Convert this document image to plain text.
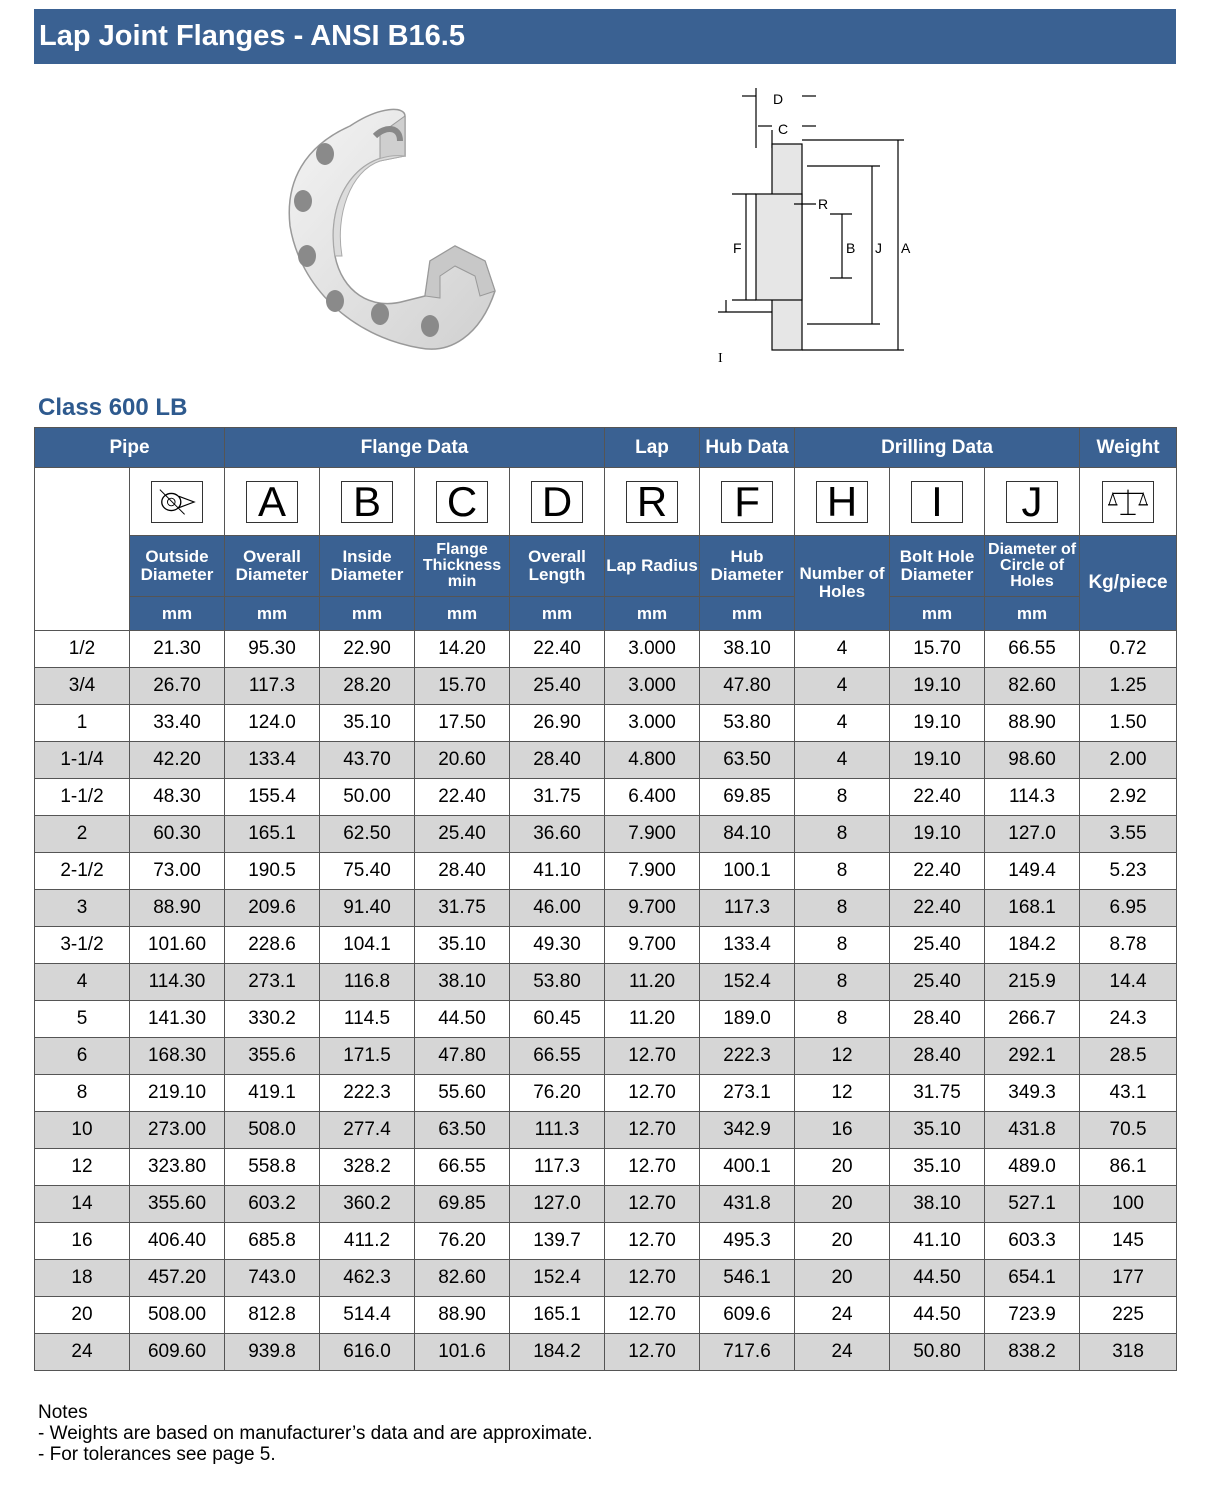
Lap Joint Flanges - ANSI B16.5
D
C
R
F	B J A
I
Class 600 LB
Pipe		Flange Data				Lap	Hub Data	Drilling Data			Weight

Nominal Pipe Size		A	B	C	D	R	F	H	I	J	
	Outside Diameter	Overall Diameter	Inside Diameter	Flange Thickness min	Overall Length	Lap Radius	Hub Diameter	Number of Holes	Bolt Hole Diameter	Diameter of Circle of Holes	Kg/piece
	mm	mm	mm	mm	mm	mm	mm		mm	mm	
1/2	21.30	95.30	22.90	14.20	22.40	3.000	38.10	4	15.70	66.55	0.72
3/4	26.70	117.3	28.20	15.70	25.40	3.000	47.80	4	19.10	82.60	1.25
1	33.40	124.0	35.10	17.50	26.90	3.000	53.80	4	19.10	88.90	1.50
1-1/4	42.20	133.4	43.70	20.60	28.40	4.800	63.50	4	19.10	98.60	2.00
1-1/2	48.30	155.4	50.00	22.40	31.75	6.400	69.85	8	22.40	114.3	2.92
2	60.30	165.1	62.50	25.40	36.60	7.900	84.10	8	19.10	127.0	3.55
2-1/2	73.00	190.5	75.40	28.40	41.10	7.900	100.1	8	22.40	149.4	5.23
3	88.90	209.6	91.40	31.75	46.00	9.700	117.3	8	22.40	168.1	6.95
3-1/2	101.60	228.6	104.1	35.10	49.30	9.700	133.4	8	25.40	184.2	8.78
4	114.30	273.1	116.8	38.10	53.80	11.20	152.4	8	25.40	215.9	14.4
5	141.30	330.2	114.5	44.50	60.45	11.20	189.0	8	28.40	266.7	24.3
6	168.30	355.6	171.5	47.80	66.55	12.70	222.3	12	28.40	292.1	28.5
8	219.10	419.1	222.3	55.60	76.20	12.70	273.1	12	31.75	349.3	43.1
10	273.00	508.0	277.4	63.50	111.3	12.70	342.9	16	35.10	431.8	70.5
12	323.80	558.8	328.2	66.55	117.3	12.70	400.1	20	35.10	489.0	86.1
14	355.60	603.2	360.2	69.85	127.0	12.70	431.8	20	38.10	527.1	100
16	406.40	685.8	411.2	76.20	139.7	12.70	495.3	20	41.10	603.3	145
18	457.20	743.0	462.3	82.60	152.4	12.70	546.1	20	44.50	654.1	177
20	508.00	812.8	514.4	88.90	165.1	12.70	609.6	24	44.50	723.9	225
24	609.60	939.8	616.0	101.6	184.2	12.70	717.6	24	50.80	838.2	318
Notes
- Weights are based on manufacturer’s data and are approximate.
- For tolerances see page 5.
